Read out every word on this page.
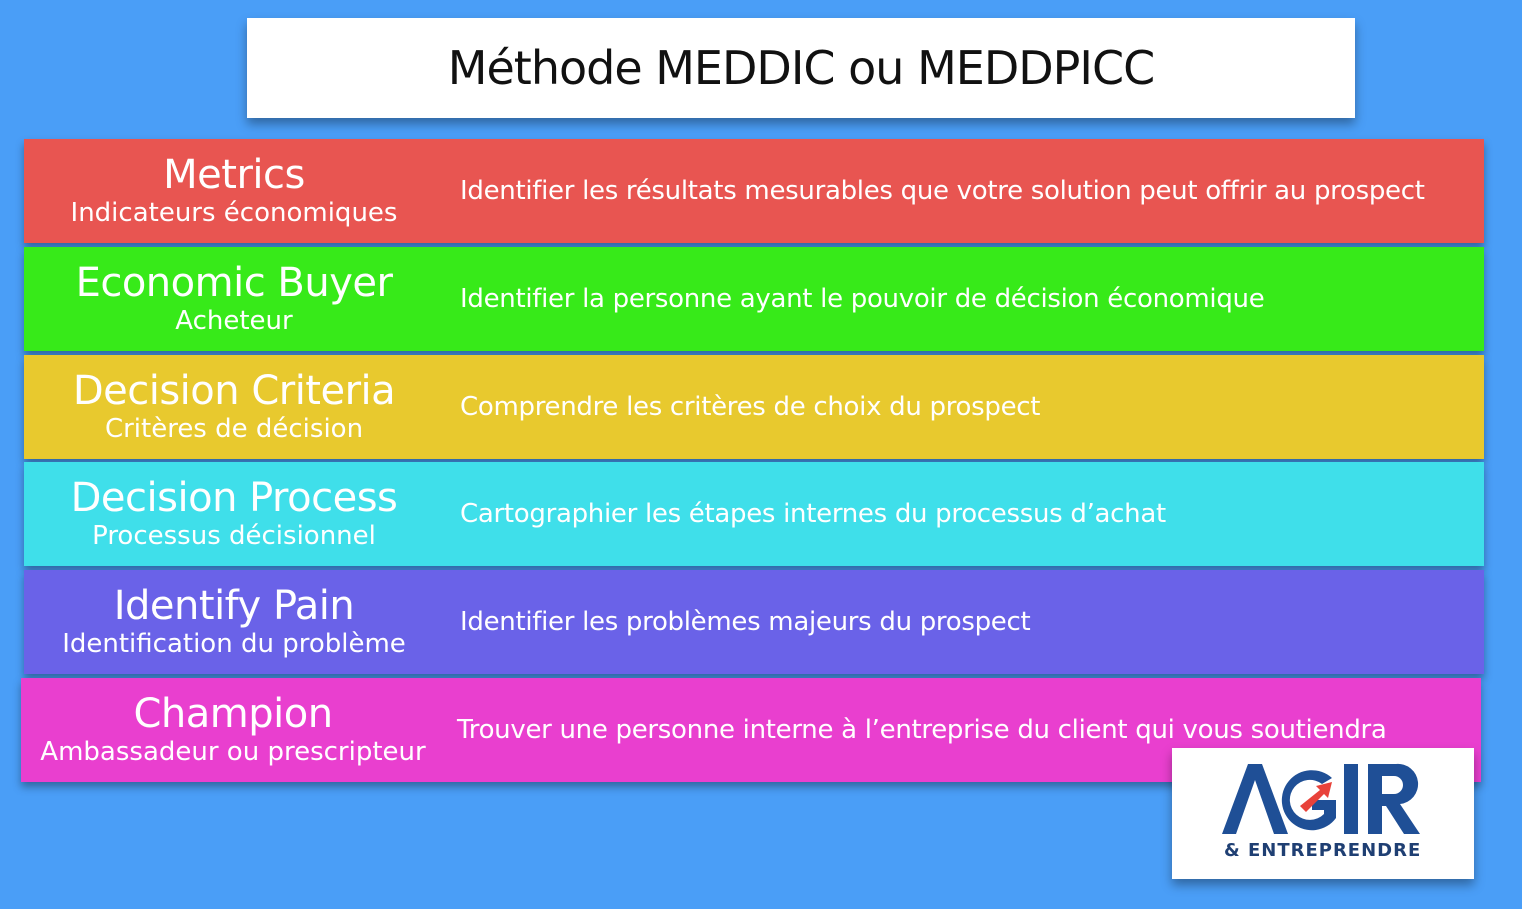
Méthode MEDDIC ou MEDDPICC
Metrics
Indicateurs économiques
Identifier les résultats mesurables que votre solution peut offrir au prospect
Economic Buyer
Acheteur
Identifier la personne ayant le pouvoir de décision économique
Decision Criteria
Critères de décision
Comprendre les critères de choix du prospect
Decision Process
Processus décisionnel
Cartographier les étapes internes du processus d’achat
Identify Pain
Identification du problème
Identifier les problèmes majeurs du prospect
Champion
Ambassadeur ou prescripteur
Trouver une personne interne à l’entreprise du client qui vous soutiendra
& ENTREPRENDRE
